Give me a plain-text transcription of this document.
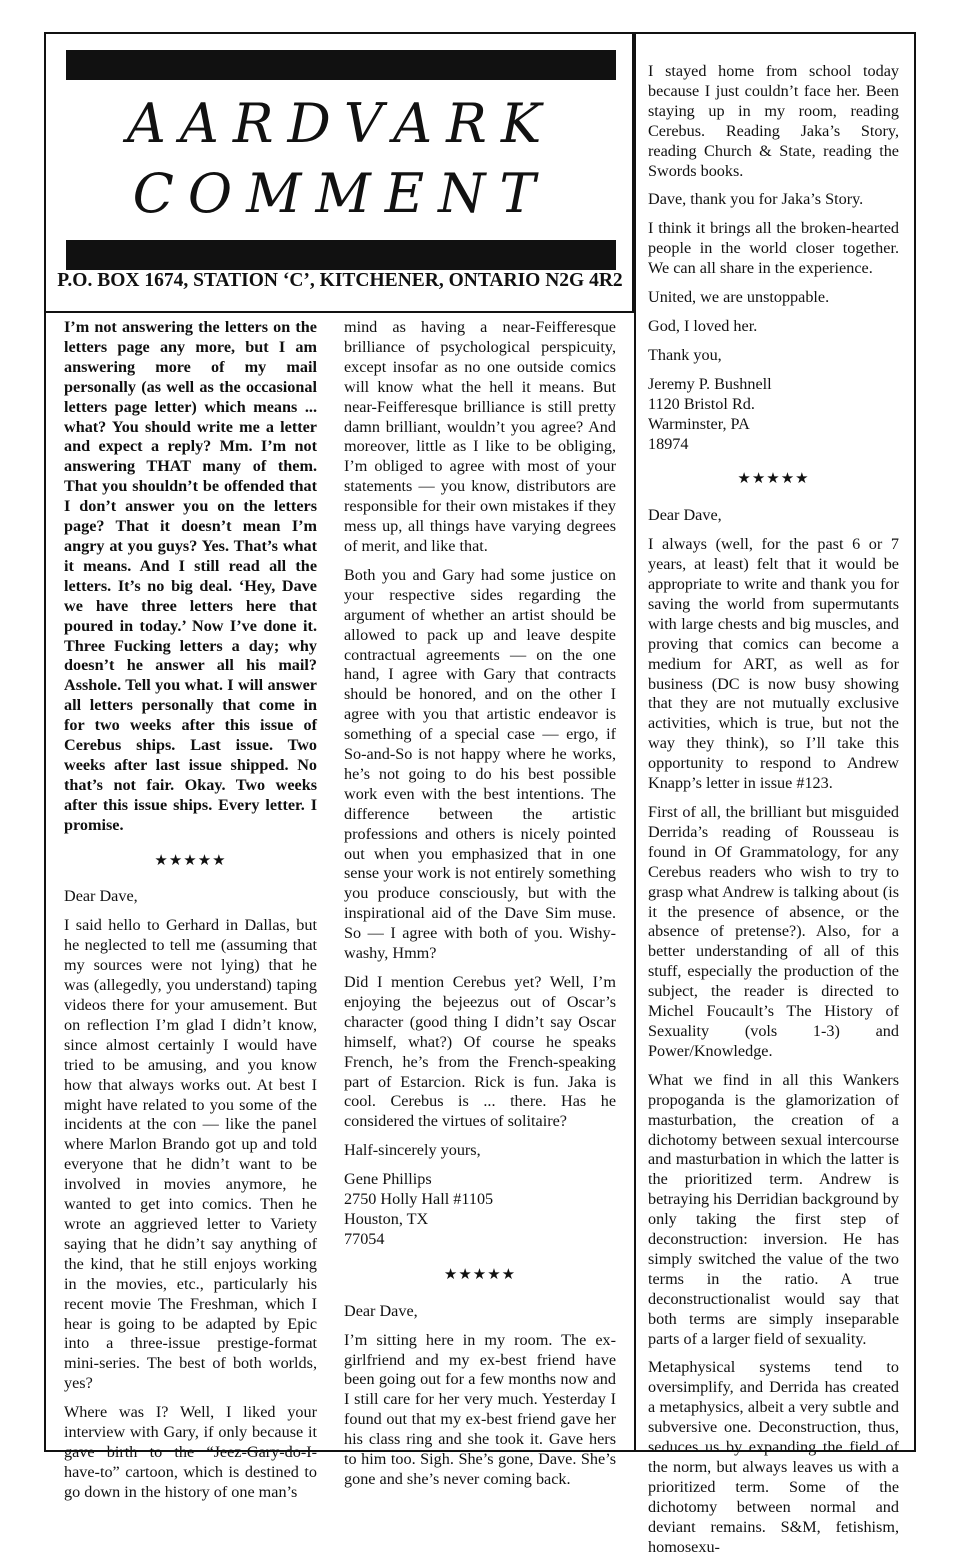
AARDVARK
COMMENT
P.O. BOX 1674, STATION ‘C’, KITCHENER, ONTARIO N2G 4R2

I’m not answering the letters on the letters page any more, but I am answering more of my mail personally (as well as the occasional letters page letter) which means ... what? You should write me a letter and expect a reply? Mm. I’m not answering THAT many of them. That you shouldn’t be offended that I don’t answer you on the letters page? That it doesn’t mean I’m angry at you guys? Yes. That’s what it means. And I still read all the letters. It’s no big deal. ‘Hey, Dave we have three letters here that poured in today.’ Now I’ve done it. Three Fucking letters a day; why doesn’t he answer all his mail? Asshole. Tell you what. I will answer all letters personally that come in for two weeks after this issue of Cerebus ships. Last issue. Two weeks after last issue shipped. No that’s not fair. Okay. Two weeks after this issue ships. Every letter. I promise.

★★★★★

Dear Dave,

I said hello to Gerhard in Dallas, but he neglected to tell me (assuming that my sources were not lying) that he was (allegedly, you understand) taping videos there for your amusement. But on reflection I’m glad I didn’t know, since almost certainly I would have tried to be amusing, and you know how that always works out. At best I might have related to you some of the incidents at the con — like the panel where Marlon Brando got up and told everyone that he didn’t want to be involved in movies anymore, he wanted to get into comics. Then he wrote an aggrieved letter to Variety saying that he didn’t say anything of the kind, that he still enjoys working in the movies, etc., particularly his recent movie The Freshman, which I hear is going to be adapted by Epic into a three-issue prestige-format mini-series. The best of both worlds, yes?

Where was I? Well, I liked your interview with Gary, if only because it gave birth to the “Jeez-Gary-do-I-have-to” cartoon, which is destined to go down in the history of one man’s

mind as having a near-Feifferesque brilliance of psychological perspicuity, except insofar as no one outside comics will know what the hell it means. But near-Feifferesque brilliance is still pretty damn brilliant, wouldn’t you agree? And moreover, little as I like to be obliging, I’m obliged to agree with most of your statements — you know, distributors are responsible for their own mistakes if they mess up, all things have varying degrees of merit, and like that.

Both you and Gary had some justice on your respective sides regarding the argument of whether an artist should be allowed to pack up and leave despite contractual agreements — on the one hand, I agree with Gary that contracts should be honored, and on the other I agree with you that artistic endeavor is something of a special case — ergo, if So-and-So is not happy where he works, he’s not going to do his best possible work even with the best intentions. The difference between the artistic professions and others is nicely pointed out when you emphasized that in one sense your work is not entirely something you produce consciously, but with the inspirational aid of the Dave Sim muse. So — I agree with both of you. Wishy-washy, Hmm?

Did I mention Cerebus yet? Well, I’m enjoying the bejeezus out of Oscar’s character (good thing I didn’t say Oscar himself, what?) Of course he speaks French, he’s from the French-speaking part of Estarcion. Rick is fun. Jaka is cool. Cerebus is ... there. Has he considered the virtues of solitaire?

Half-sincerely yours,

Gene Phillips
2750 Holly Hall #1105
Houston, TX
77054
★★★★★

Dear Dave,

I’m sitting here in my room. The ex-girlfriend and my ex-best friend have been going out for a few months now and I still care for her very much. Yesterday I found out that my ex-best friend gave her his class ring and she took it. Gave hers to him too. Sigh. She’s gone, Dave. She’s gone and she’s never coming back.

I stayed home from school today because I just couldn’t face her. Been staying up in my room, reading Cerebus. Reading Jaka’s Story, reading Church & State, reading the Swords books.

Dave, thank you for Jaka’s Story.

I think it brings all the broken-hearted people in the world closer together. We can all share in the experience.

United, we are unstoppable.

God, I loved her.

Thank you,

Jeremy P. Bushnell
1120 Bristol Rd.
Warminster, PA
18974
★★★★★

Dear Dave,

I always (well, for the past 6 or 7 years, at least) felt that it would be appropriate to write and thank you for saving the world from supermutants with large chests and big muscles, and proving that comics can become a medium for ART, as well as for business (DC is now busy showing that they are not mutually exclusive activities, which is true, but not the way they think), so I’ll take this opportunity to respond to Andrew Knapp’s letter in issue #123.

First of all, the brilliant but misguided Derrida’s reading of Rousseau is found in Of Grammatology, for any Cerebus readers who wish to try to grasp what Andrew is talking about (is it the presence of absence, or the absence of pretense?). Also, for a better understanding of all of this stuff, especially the production of the subject, the reader is directed to Michel Foucault’s The History of Sexuality (vols 1-3) and Power/Knowledge.

What we find in all this Wankers propoganda is the glamorization of masturbation, the creation of a dichotomy between sexual intercourse and masturbation in which the latter is the prioritized term. Andrew is betraying his Derridian background by only taking the first step of deconstruction: inversion. He has simply switched the value of the two terms in the ratio. A true deconstructionalist would say that both terms are simply inseparable parts of a larger field of sexuality.

Metaphysical systems tend to oversimplify, and Derrida has created a metaphysics, albeit a very subtle and subversive one. Deconstruction, thus, seduces us by expanding the field of the norm, but always leaves us with a prioritized term. Some of the dichotomy between normal and deviant remains. S&M, fetishism, homosexu-
